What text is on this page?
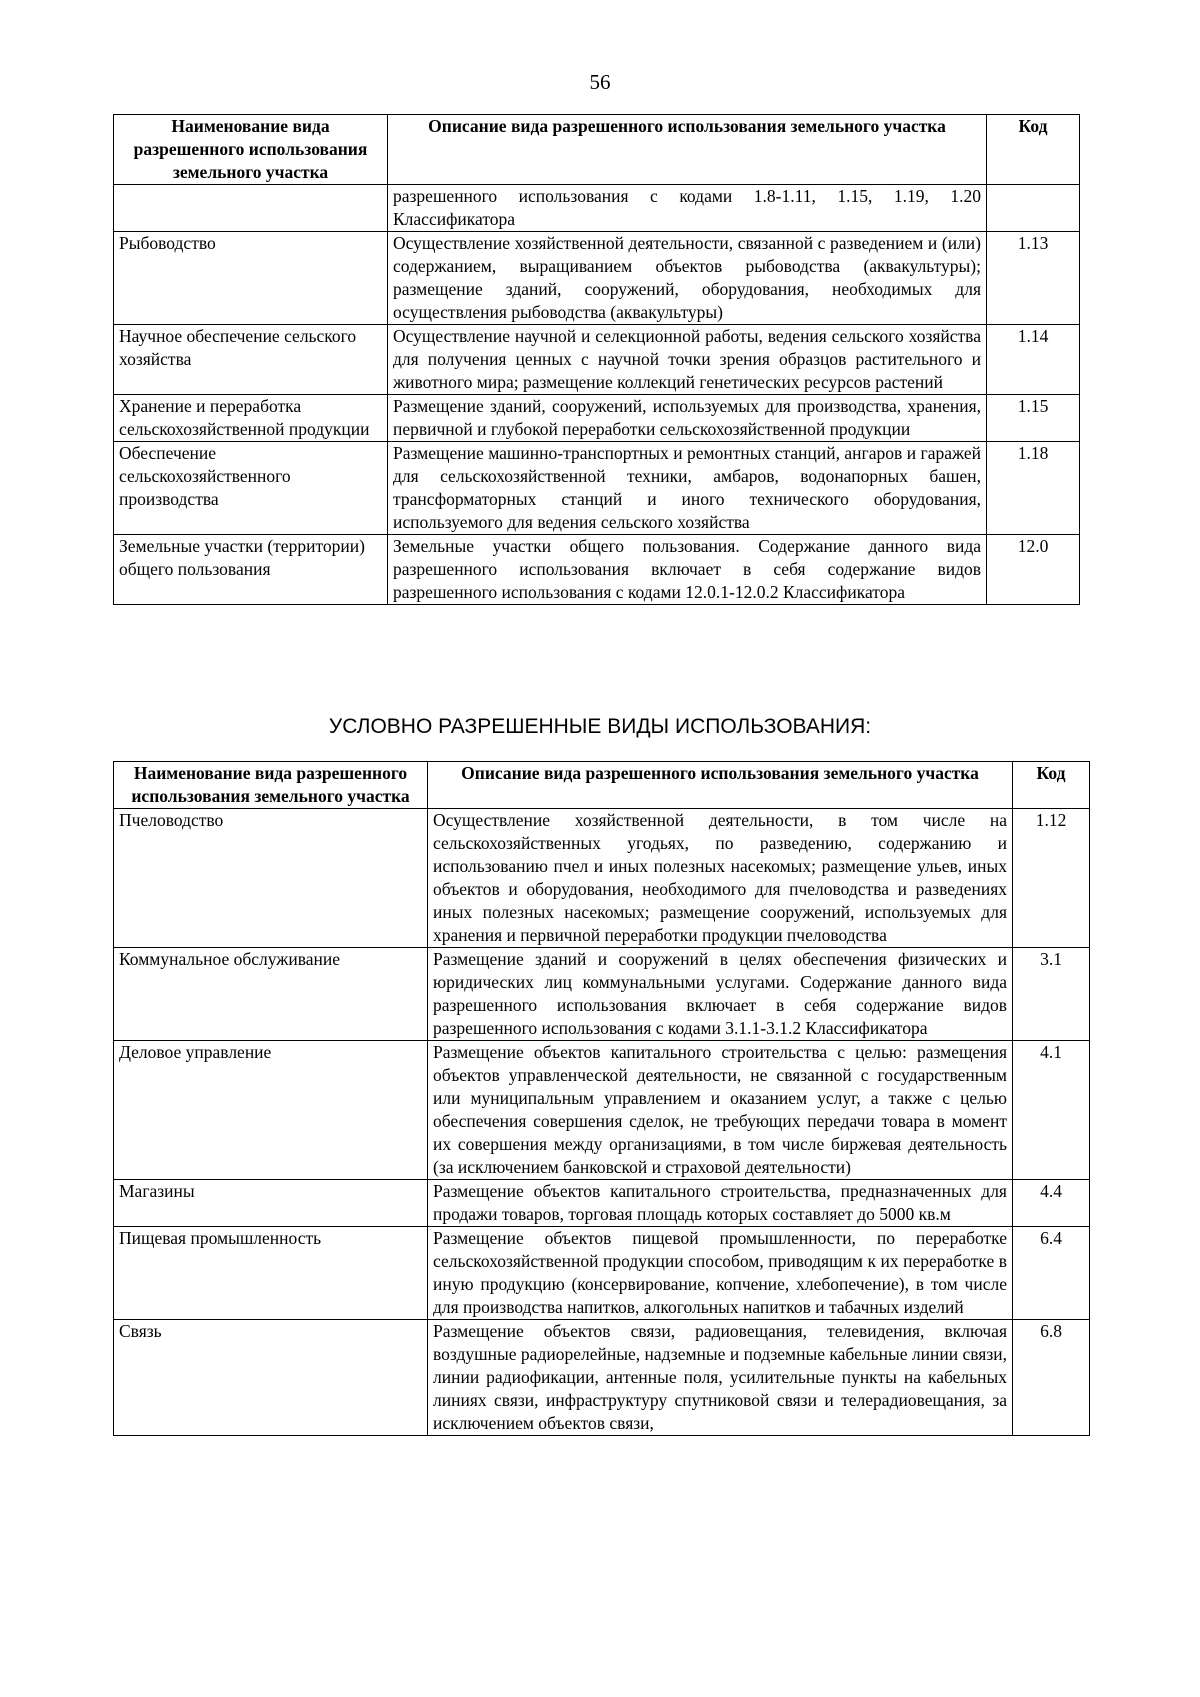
56
Наименование вида разрешенного использования земельного участка	Описание вида разрешенного использования земельного участка	Код
	разрешенного использования с кодами 1.8-1.11, 1.15, 1.19, 1.20 Классификатора	
Рыбоводство	Осуществление хозяйственной деятельности, связанной с разведением и (или) содержанием, выращиванием объектов рыбоводства (аквакультуры); размещение зданий, сооружений, оборудования, необходимых для осуществления рыбоводства (аквакультуры)	1.13
Научное обеспечение сельского хозяйства	Осуществление научной и селекционной работы, ведения сельского хозяйства для получения ценных с научной точки зрения образцов растительного и животного мира; размещение коллекций генетических ресурсов растений	1.14
Хранение и переработка сельскохозяйственной продукции	Размещение зданий, сооружений, используемых для производства, хранения, первичной и глубокой переработки сельскохозяйственной продукции	1.15
Обеспечение сельскохозяйственного производства	Размещение машинно-транспортных и ремонтных станций, ангаров и гаражей для сельскохозяйственной техники, амбаров, водонапорных башен, трансформаторных станций и иного технического оборудования, используемого для ведения сельского хозяйства	1.18
Земельные участки (территории) общего пользования	Земельные участки общего пользования. Содержание данного вида разрешенного использования включает в себя содержание видов разрешенного использования с кодами 12.0.1-12.0.2 Классификатора	12.0
УСЛОВНО РАЗРЕШЕННЫЕ ВИДЫ ИСПОЛЬЗОВАНИЯ:
Наименование вида разрешенного использования земельного участка	Описание вида разрешенного использования земельного участка	Код
Пчеловодство	Осуществление хозяйственной деятельности, в том числе на сельскохозяйственных угодьях, по разведению, содержанию и использованию пчел и иных полезных насекомых; размещение ульев, иных объектов и оборудования, необходимого для пчеловодства и разведениях иных полезных насекомых; размещение сооружений, используемых для хранения и первичной переработки продукции пчеловодства	1.12
Коммунальное обслуживание	Размещение зданий и сооружений в целях обеспечения физических и юридических лиц коммунальными услугами. Содержание данного вида разрешенного использования включает в себя содержание видов разрешенного использования с кодами 3.1.1-3.1.2 Классификатора	3.1
Деловое управление	Размещение объектов капитального строительства с целью: размещения объектов управленческой деятельности, не связанной с государственным или муниципальным управлением и оказанием услуг, а также с целью обеспечения совершения сделок, не требующих передачи товара в момент их совершения между организациями, в том числе биржевая деятельность (за исключением банковской и страховой деятельности)	4.1
Магазины	Размещение объектов капитального строительства, предназначенных для продажи товаров, торговая площадь которых составляет до 5000 кв.м	4.4
Пищевая промышленность	Размещение объектов пищевой промышленности, по переработке сельскохозяйственной продукции способом, приводящим к их переработке в иную продукцию (консервирование, копчение, хлебопечение), в том числе для производства напитков, алкогольных напитков и табачных изделий	6.4
Связь	Размещение объектов связи, радиовещания, телевидения, включая воздушные радиорелейные, надземные и подземные кабельные линии связи, линии радиофикации, антенные поля, усилительные пункты на кабельных линиях связи, инфраструктуру спутниковой связи и телерадиовещания, за исключением объектов связи,	6.8
